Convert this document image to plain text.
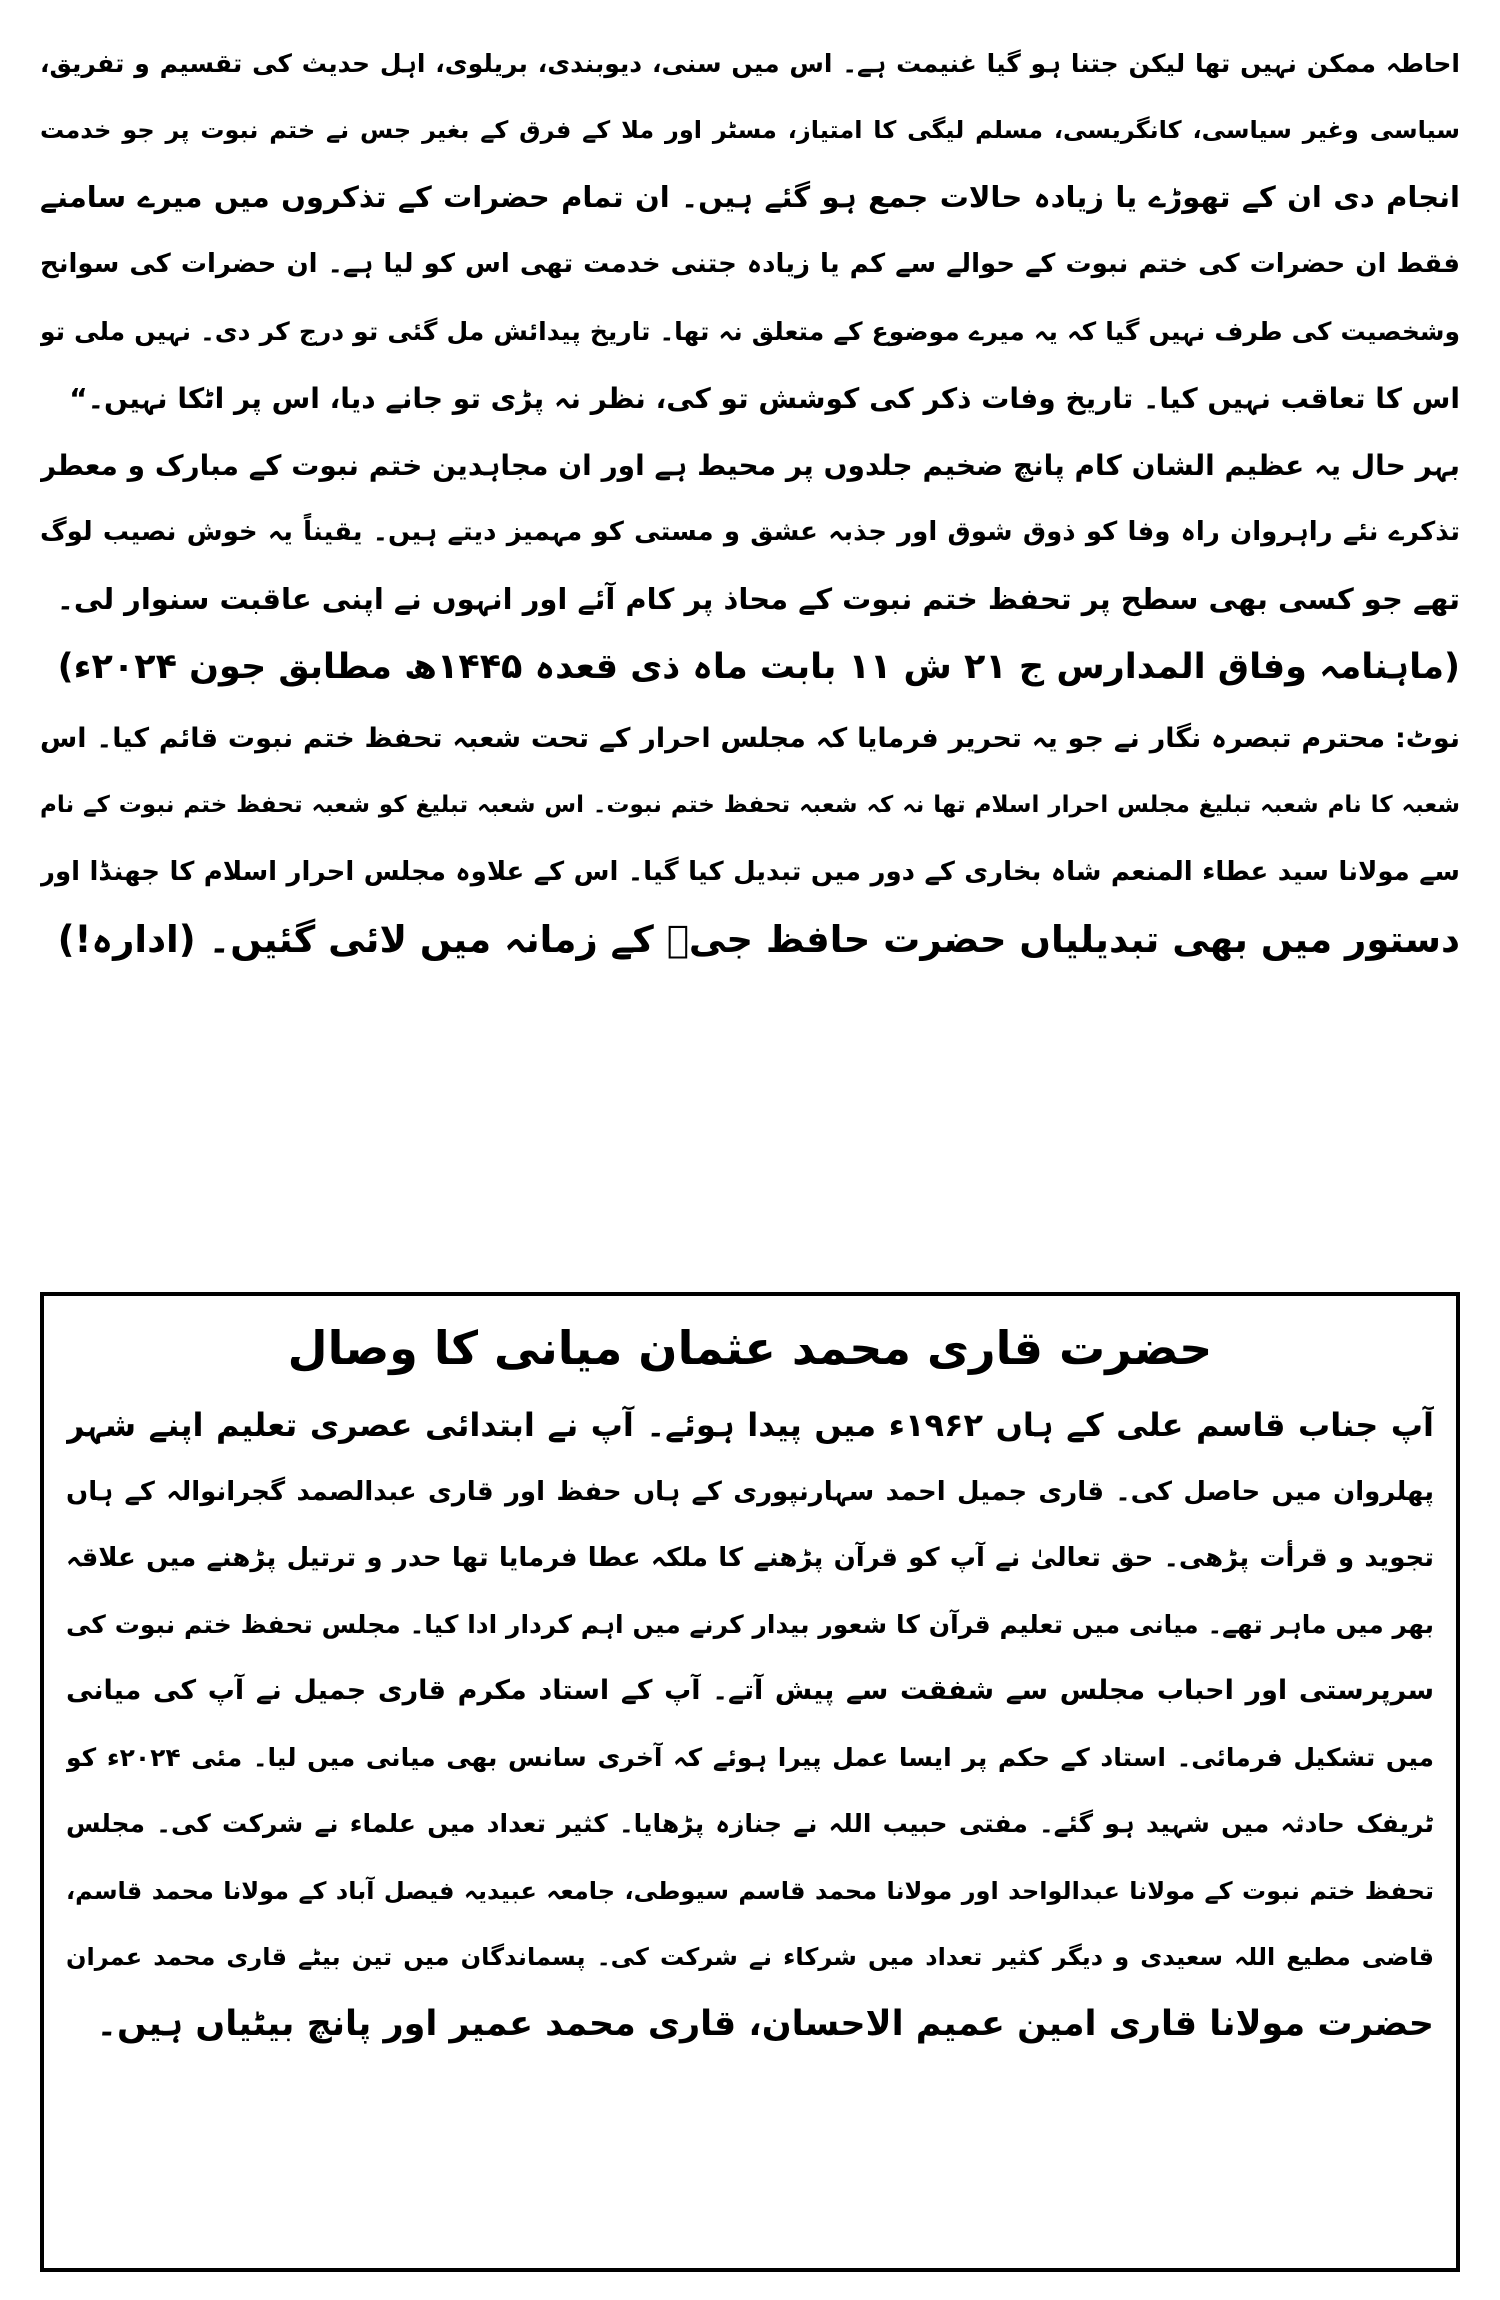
احاطہ ممکن نہیں تھا لیکن جتنا ہو گیا غنیمت ہے۔ اس میں سنی، دیوبندی، بریلوی، اہل حدیث کی تقسیم و تفریق،
سیاسی وغیر سیاسی، کانگریسی، مسلم لیگی کا امتیاز، مسٹر اور ملا کے فرق کے بغیر جس نے ختم نبوت پر جو خدمت
انجام دی ان کے تھوڑے یا زیادہ حالات جمع ہو گئے ہیں۔ ان تمام حضرات کے تذکروں میں میرے سامنے
فقط ان حضرات کی ختم نبوت کے حوالے سے کم یا زیادہ جتنی خدمت تھی اس کو لیا ہے۔ ان حضرات کی سوانح
وشخصیت کی طرف نہیں گیا کہ یہ میرے موضوع کے متعلق نہ تھا۔ تاریخ پیدائش مل گئی تو درج کر دی۔ نہیں ملی تو
اس کا تعاقب نہیں کیا۔ تاریخ وفات ذکر کی کوشش تو کی، نظر نہ پڑی تو جانے دیا، اس پر اٹکا نہیں۔“
بہر حال یہ عظیم الشان کام پانچ ضخیم جلدوں پر محیط ہے اور ان مجاہدین ختم نبوت کے مبارک و معطر
تذکرے نئے راہروان راہ وفا کو ذوق شوق اور جذبہ عشق و مستی کو مہمیز دیتے ہیں۔ یقیناً یہ خوش نصیب لوگ
تھے جو کسی بھی سطح پر تحفظ ختم نبوت کے محاذ پر کام آئے اور انہوں نے اپنی عاقبت سنوار لی۔
(ماہنامہ وفاق المدارس ج ۲۱ ش ۱۱ بابت ماہ ذی قعدہ ۱۴۴۵ھ مطابق جون ۲۰۲۴ء)
نوٹ: محترم تبصرہ نگار نے جو یہ تحریر فرمایا کہ مجلس احرار کے تحت شعبہ تحفظ ختم نبوت قائم کیا۔ اس
شعبہ کا نام شعبہ تبلیغ مجلس احرار اسلام تھا نہ کہ شعبہ تحفظ ختم نبوت۔ اس شعبہ تبلیغ کو شعبہ تحفظ ختم نبوت کے نام
سے مولانا سید عطاء المنعم شاہ بخاری کے دور میں تبدیل کیا گیا۔ اس کے علاوہ مجلس احرار اسلام کا جھنڈا اور
دستور میں بھی تبدیلیاں حضرت حافظ جیؒ کے زمانہ میں لائی گئیں۔ (ادارہ!)
حضرت قاری محمد عثمان میانی کا وصال
آپ جناب قاسم علی کے ہاں ۱۹۶۲ء میں پیدا ہوئے۔ آپ نے ابتدائی عصری تعلیم اپنے شہر
پھلروان میں حاصل کی۔ قاری جمیل احمد سہارنپوری کے ہاں حفظ اور قاری عبدالصمد گجرانوالہ کے ہاں
تجوید و قرأت پڑھی۔ حق تعالیٰ نے آپ کو قرآن پڑھنے کا ملکہ عطا فرمایا تھا حدر و ترتیل پڑھنے میں علاقہ
بھر میں ماہر تھے۔ میانی میں تعلیم قرآن کا شعور بیدار کرنے میں اہم کردار ادا کیا۔ مجلس تحفظ ختم نبوت کی
سرپرستی اور احباب مجلس سے شفقت سے پیش آتے۔ آپ کے استاد مکرم قاری جمیل نے آپ کی میانی
میں تشکیل فرمائی۔ استاد کے حکم پر ایسا عمل پیرا ہوئے کہ آخری سانس بھی میانی میں لیا۔ مئی ۲۰۲۴ء کو
ٹریفک حادثہ میں شہید ہو گئے۔ مفتی حبیب اللہ نے جنازہ پڑھایا۔ کثیر تعداد میں علماء نے شرکت کی۔ مجلس
تحفظ ختم نبوت کے مولانا عبدالواحد اور مولانا محمد قاسم سیوطی، جامعہ عبیدیہ فیصل آباد کے مولانا محمد قاسم،
قاضی مطیع اللہ سعیدی و دیگر کثیر تعداد میں شرکاء نے شرکت کی۔ پسماندگان میں تین بیٹے قاری محمد عمران
حضرت مولانا قاری امین عمیم الاحسان، قاری محمد عمیر اور پانچ بیٹیاں ہیں۔
